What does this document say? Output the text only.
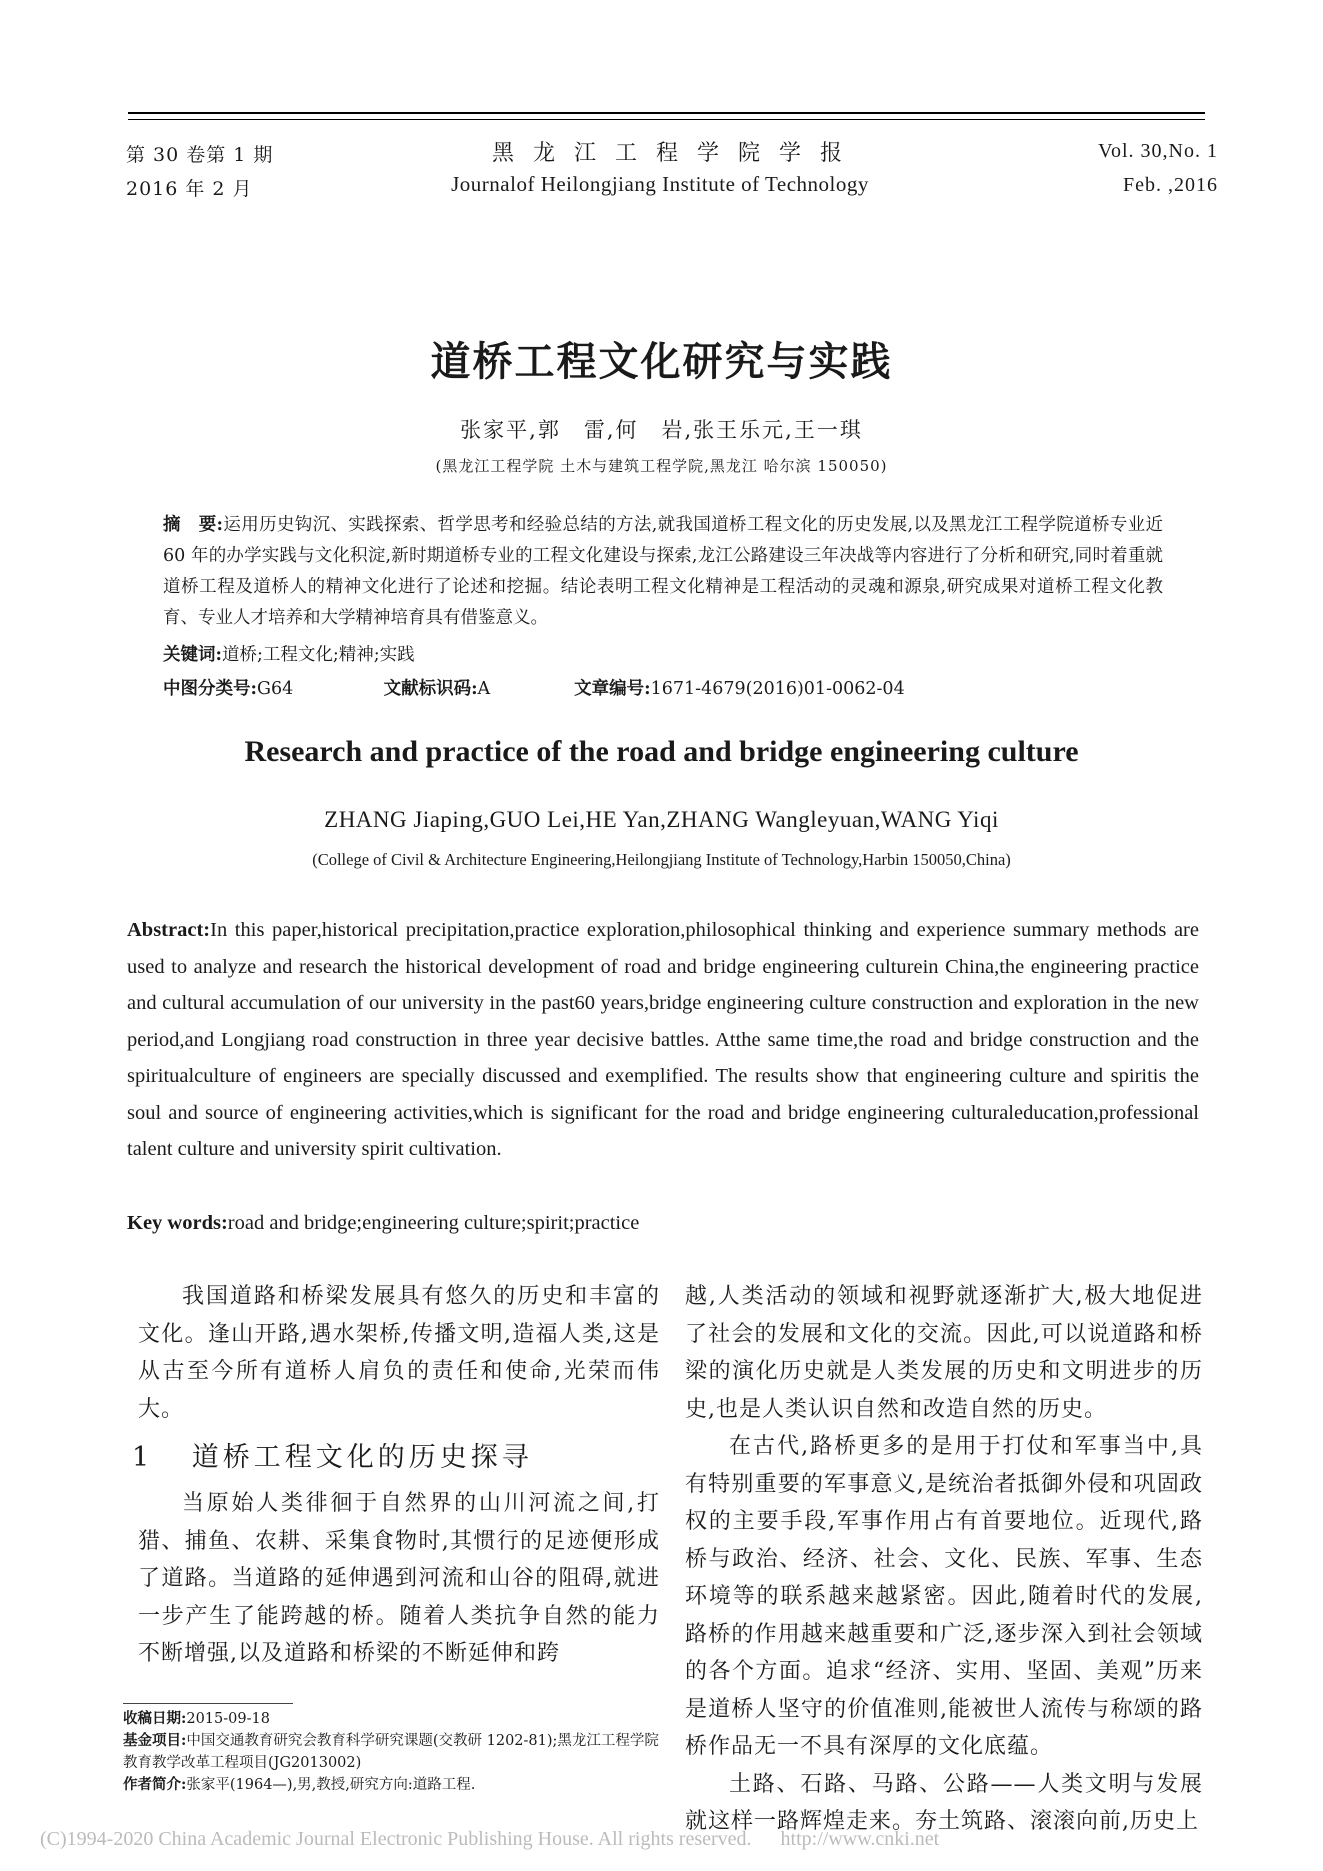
第 30 卷第 1 期
2016 年 2 月
黑 龙 江 工 程 学 院 学 报
Journalof Heilongjiang Institute of Technology
Vol. 30,No. 1
Feb. ,2016
道桥工程文化研究与实践
张家平,郭　雷,何　岩,张王乐元,王一琪
(黑龙江工程学院 土木与建筑工程学院,黑龙江 哈尔滨 150050)
摘　要:运用历史钩沉、实践探索、哲学思考和经验总结的方法,就我国道桥工程文化的历史发展,以及黑龙江工程学院道桥专业近 60 年的办学实践与文化积淀,新时期道桥专业的工程文化建设与探索,龙江公路建设三年决战等内容进行了分析和研究,同时着重就道桥工程及道桥人的精神文化进行了论述和挖掘。结论表明工程文化精神是工程活动的灵魂和源泉,研究成果对道桥工程文化教育、专业人才培养和大学精神培育具有借鉴意义。
关键词:道桥;工程文化;精神;实践
中图分类号:G64	文献标识码:A	文章编号:1671-4679(2016)01-0062-04
Research and practice of the road and bridge engineering culture
ZHANG Jiaping,GUO Lei,HE Yan,ZHANG Wangleyuan,WANG Yiqi
(College of Civil & Architecture Engineering,Heilongjiang Institute of Technology,Harbin 150050,China)
Abstract:In this paper,historical precipitation,practice exploration,philosophical thinking and experience summary methods are used to analyze and research the historical development of road and bridge engineering culturein China,the engineering practice and cultural accumulation of our university in the past60 years,bridge engineering culture construction and exploration in the new period,and Longjiang road construction in three year decisive battles. Atthe same time,the road and bridge construction and the spiritualculture of engineers are specially discussed and exemplified. The results show that engineering culture and spiritis the soul and source of engineering activities,which is significant for the road and bridge engineering culturaleducation,professional talent culture and university spirit cultivation.
Key words:road and bridge;engineering culture;spirit;practice

我国道路和桥梁发展具有悠久的历史和丰富的文化。逢山开路,遇水架桥,传播文明,造福人类,这是从古至今所有道桥人肩负的责任和使命,光荣而伟大。

1 道桥工程文化的历史探寻

当原始人类徘徊于自然界的山川河流之间,打猎、捕鱼、农耕、采集食物时,其惯行的足迹便形成了道路。当道路的延伸遇到河流和山谷的阻碍,就进一步产生了能跨越的桥。随着人类抗争自然的能力不断增强,以及道路和桥梁的不断延伸和跨

收稿日期:2015-09-18
基金项目:中国交通教育研究会教育科学研究课题(交教研 1202-81);黑龙江工程学院教育教学改革工程项目(JG2013002)
作者简介:张家平(1964—),男,教授,研究方向:道路工程.

越,人类活动的领域和视野就逐渐扩大,极大地促进了社会的发展和文化的交流。因此,可以说道路和桥梁的演化历史就是人类发展的历史和文明进步的历史,也是人类认识自然和改造自然的历史。

在古代,路桥更多的是用于打仗和军事当中,具有特别重要的军事意义,是统治者抵御外侵和巩固政权的主要手段,军事作用占有首要地位。近现代,路桥与政治、经济、社会、文化、民族、军事、生态环境等的联系越来越紧密。因此,随着时代的发展,路桥的作用越来越重要和广泛,逐步深入到社会领域的各个方面。追求“经济、实用、坚固、美观”历来是道桥人坚守的价值准则,能被世人流传与称颂的路桥作品无一不具有深厚的文化底蕴。

土路、石路、马路、公路——人类文明与发展就这样一路辉煌走来。夯土筑路、滚滚向前,历史上

(C)1994-2020 China Academic Journal Electronic Publishing House. All rights reserved. http://www.cnki.net
